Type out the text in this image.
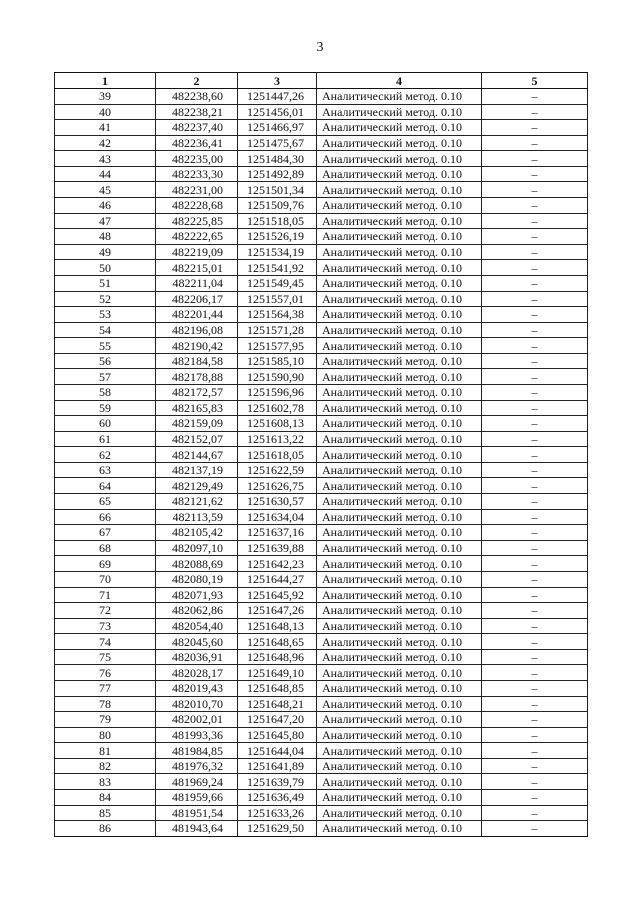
3
1	2	3	4	5
39	482238,60	1251447,26	Аналитический метод. 0.10	–
40	482238,21	1251456,01	Аналитический метод. 0.10	–
41	482237,40	1251466,97	Аналитический метод. 0.10	–
42	482236,41	1251475,67	Аналитический метод. 0.10	–
43	482235,00	1251484,30	Аналитический метод. 0.10	–
44	482233,30	1251492,89	Аналитический метод. 0.10	–
45	482231,00	1251501,34	Аналитический метод. 0.10	–
46	482228,68	1251509,76	Аналитический метод. 0.10	–
47	482225,85	1251518,05	Аналитический метод. 0.10	–
48	482222,65	1251526,19	Аналитический метод. 0.10	–
49	482219,09	1251534,19	Аналитический метод. 0.10	–
50	482215,01	1251541,92	Аналитический метод. 0.10	–
51	482211,04	1251549,45	Аналитический метод. 0.10	–
52	482206,17	1251557,01	Аналитический метод. 0.10	–
53	482201,44	1251564,38	Аналитический метод. 0.10	–
54	482196,08	1251571,28	Аналитический метод. 0.10	–
55	482190,42	1251577,95	Аналитический метод. 0.10	–
56	482184,58	1251585,10	Аналитический метод. 0.10	–
57	482178,88	1251590,90	Аналитический метод. 0.10	–
58	482172,57	1251596,96	Аналитический метод. 0.10	–
59	482165,83	1251602,78	Аналитический метод. 0.10	–
60	482159,09	1251608,13	Аналитический метод. 0.10	–
61	482152,07	1251613,22	Аналитический метод. 0.10	–
62	482144,67	1251618,05	Аналитический метод. 0.10	–
63	482137,19	1251622,59	Аналитический метод. 0.10	–
64	482129,49	1251626,75	Аналитический метод. 0.10	–
65	482121,62	1251630,57	Аналитический метод. 0.10	–
66	482113,59	1251634,04	Аналитический метод. 0.10	–
67	482105,42	1251637,16	Аналитический метод. 0.10	–
68	482097,10	1251639,88	Аналитический метод. 0.10	–
69	482088,69	1251642,23	Аналитический метод. 0.10	–
70	482080,19	1251644,27	Аналитический метод. 0.10	–
71	482071,93	1251645,92	Аналитический метод. 0.10	–
72	482062,86	1251647,26	Аналитический метод. 0.10	–
73	482054,40	1251648,13	Аналитический метод. 0.10	–
74	482045,60	1251648,65	Аналитический метод. 0.10	–
75	482036,91	1251648,96	Аналитический метод. 0.10	–
76	482028,17	1251649,10	Аналитический метод. 0.10	–
77	482019,43	1251648,85	Аналитический метод. 0.10	–
78	482010,70	1251648,21	Аналитический метод. 0.10	–
79	482002,01	1251647,20	Аналитический метод. 0.10	–
80	481993,36	1251645,80	Аналитический метод. 0.10	–
81	481984,85	1251644,04	Аналитический метод. 0.10	–
82	481976,32	1251641,89	Аналитический метод. 0.10	–
83	481969,24	1251639,79	Аналитический метод. 0.10	–
84	481959,66	1251636,49	Аналитический метод. 0.10	–
85	481951,54	1251633,26	Аналитический метод. 0.10	–
86	481943,64	1251629,50	Аналитический метод. 0.10	–
